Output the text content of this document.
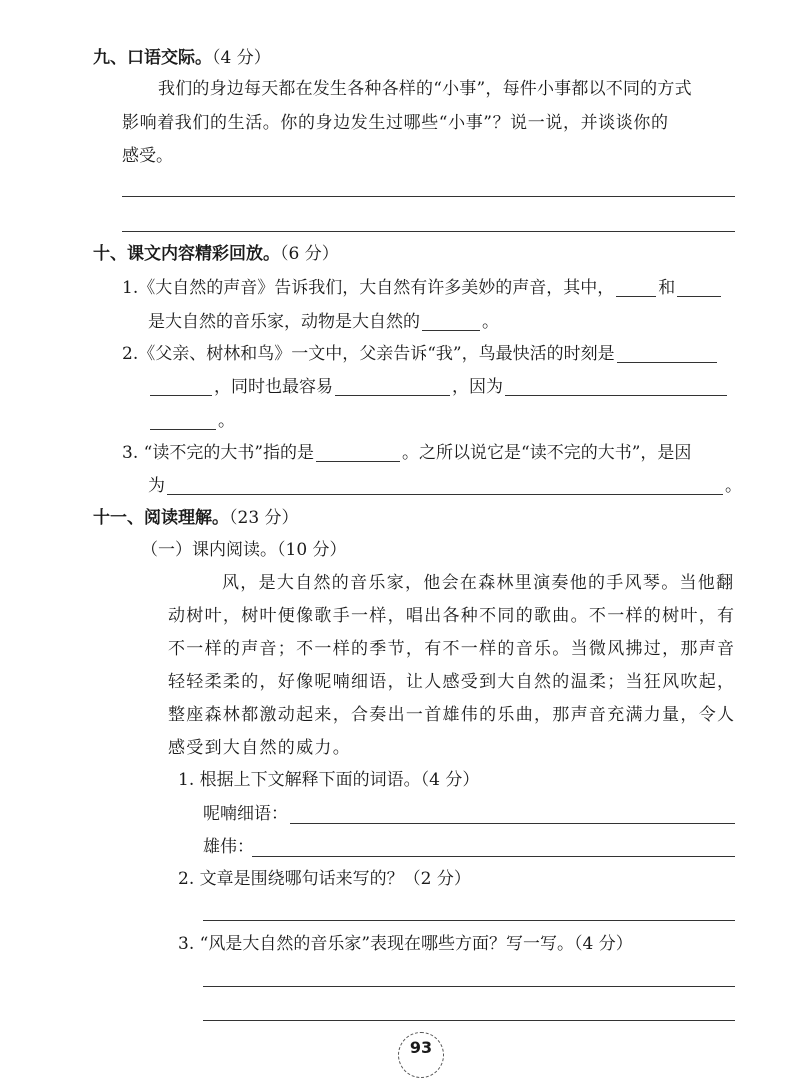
九、口语交际。（4 分）
我们的身边每天都在发生各种各样的“小事”，每件小事都以不同的方式
影响着我们的生活。你的身边发生过哪些“小事”？说一说，并谈谈你的
感受。
十、课文内容精彩回放。（6 分）
1.《大自然的声音》告诉我们，大自然有许多美妙的声音，其中，	和
是大自然的音乐家，动物是大自然的	。
2.《父亲、树林和鸟》一文中，父亲告诉“我”，鸟最快活的时刻是
，同时也最容易	，因为
。
3. “读不完的大书”指的是	。之所以说它是“读不完的大书”，是因
为	。
十一、阅读理解。（23 分）
（一）课内阅读。（10 分）
风，是大自然的音乐家，他会在森林里演奏他的手风琴。当他翻
动树叶，树叶便像歌手一样，唱出各种不同的歌曲。不一样的树叶，有
不一样的声音；不一样的季节，有不一样的音乐。当微风拂过，那声音
轻轻柔柔的，好像呢喃细语，让人感受到大自然的温柔；当狂风吹起，
整座森林都激动起来，合奏出一首雄伟的乐曲，那声音充满力量，令人
感受到大自然的威力。
1. 根据上下文解释下面的词语。（4 分）
呢喃细语：
雄伟：
2. 文章是围绕哪句话来写的？（2 分）
3. “风是大自然的音乐家”表现在哪些方面？写一写。（4 分）
93
